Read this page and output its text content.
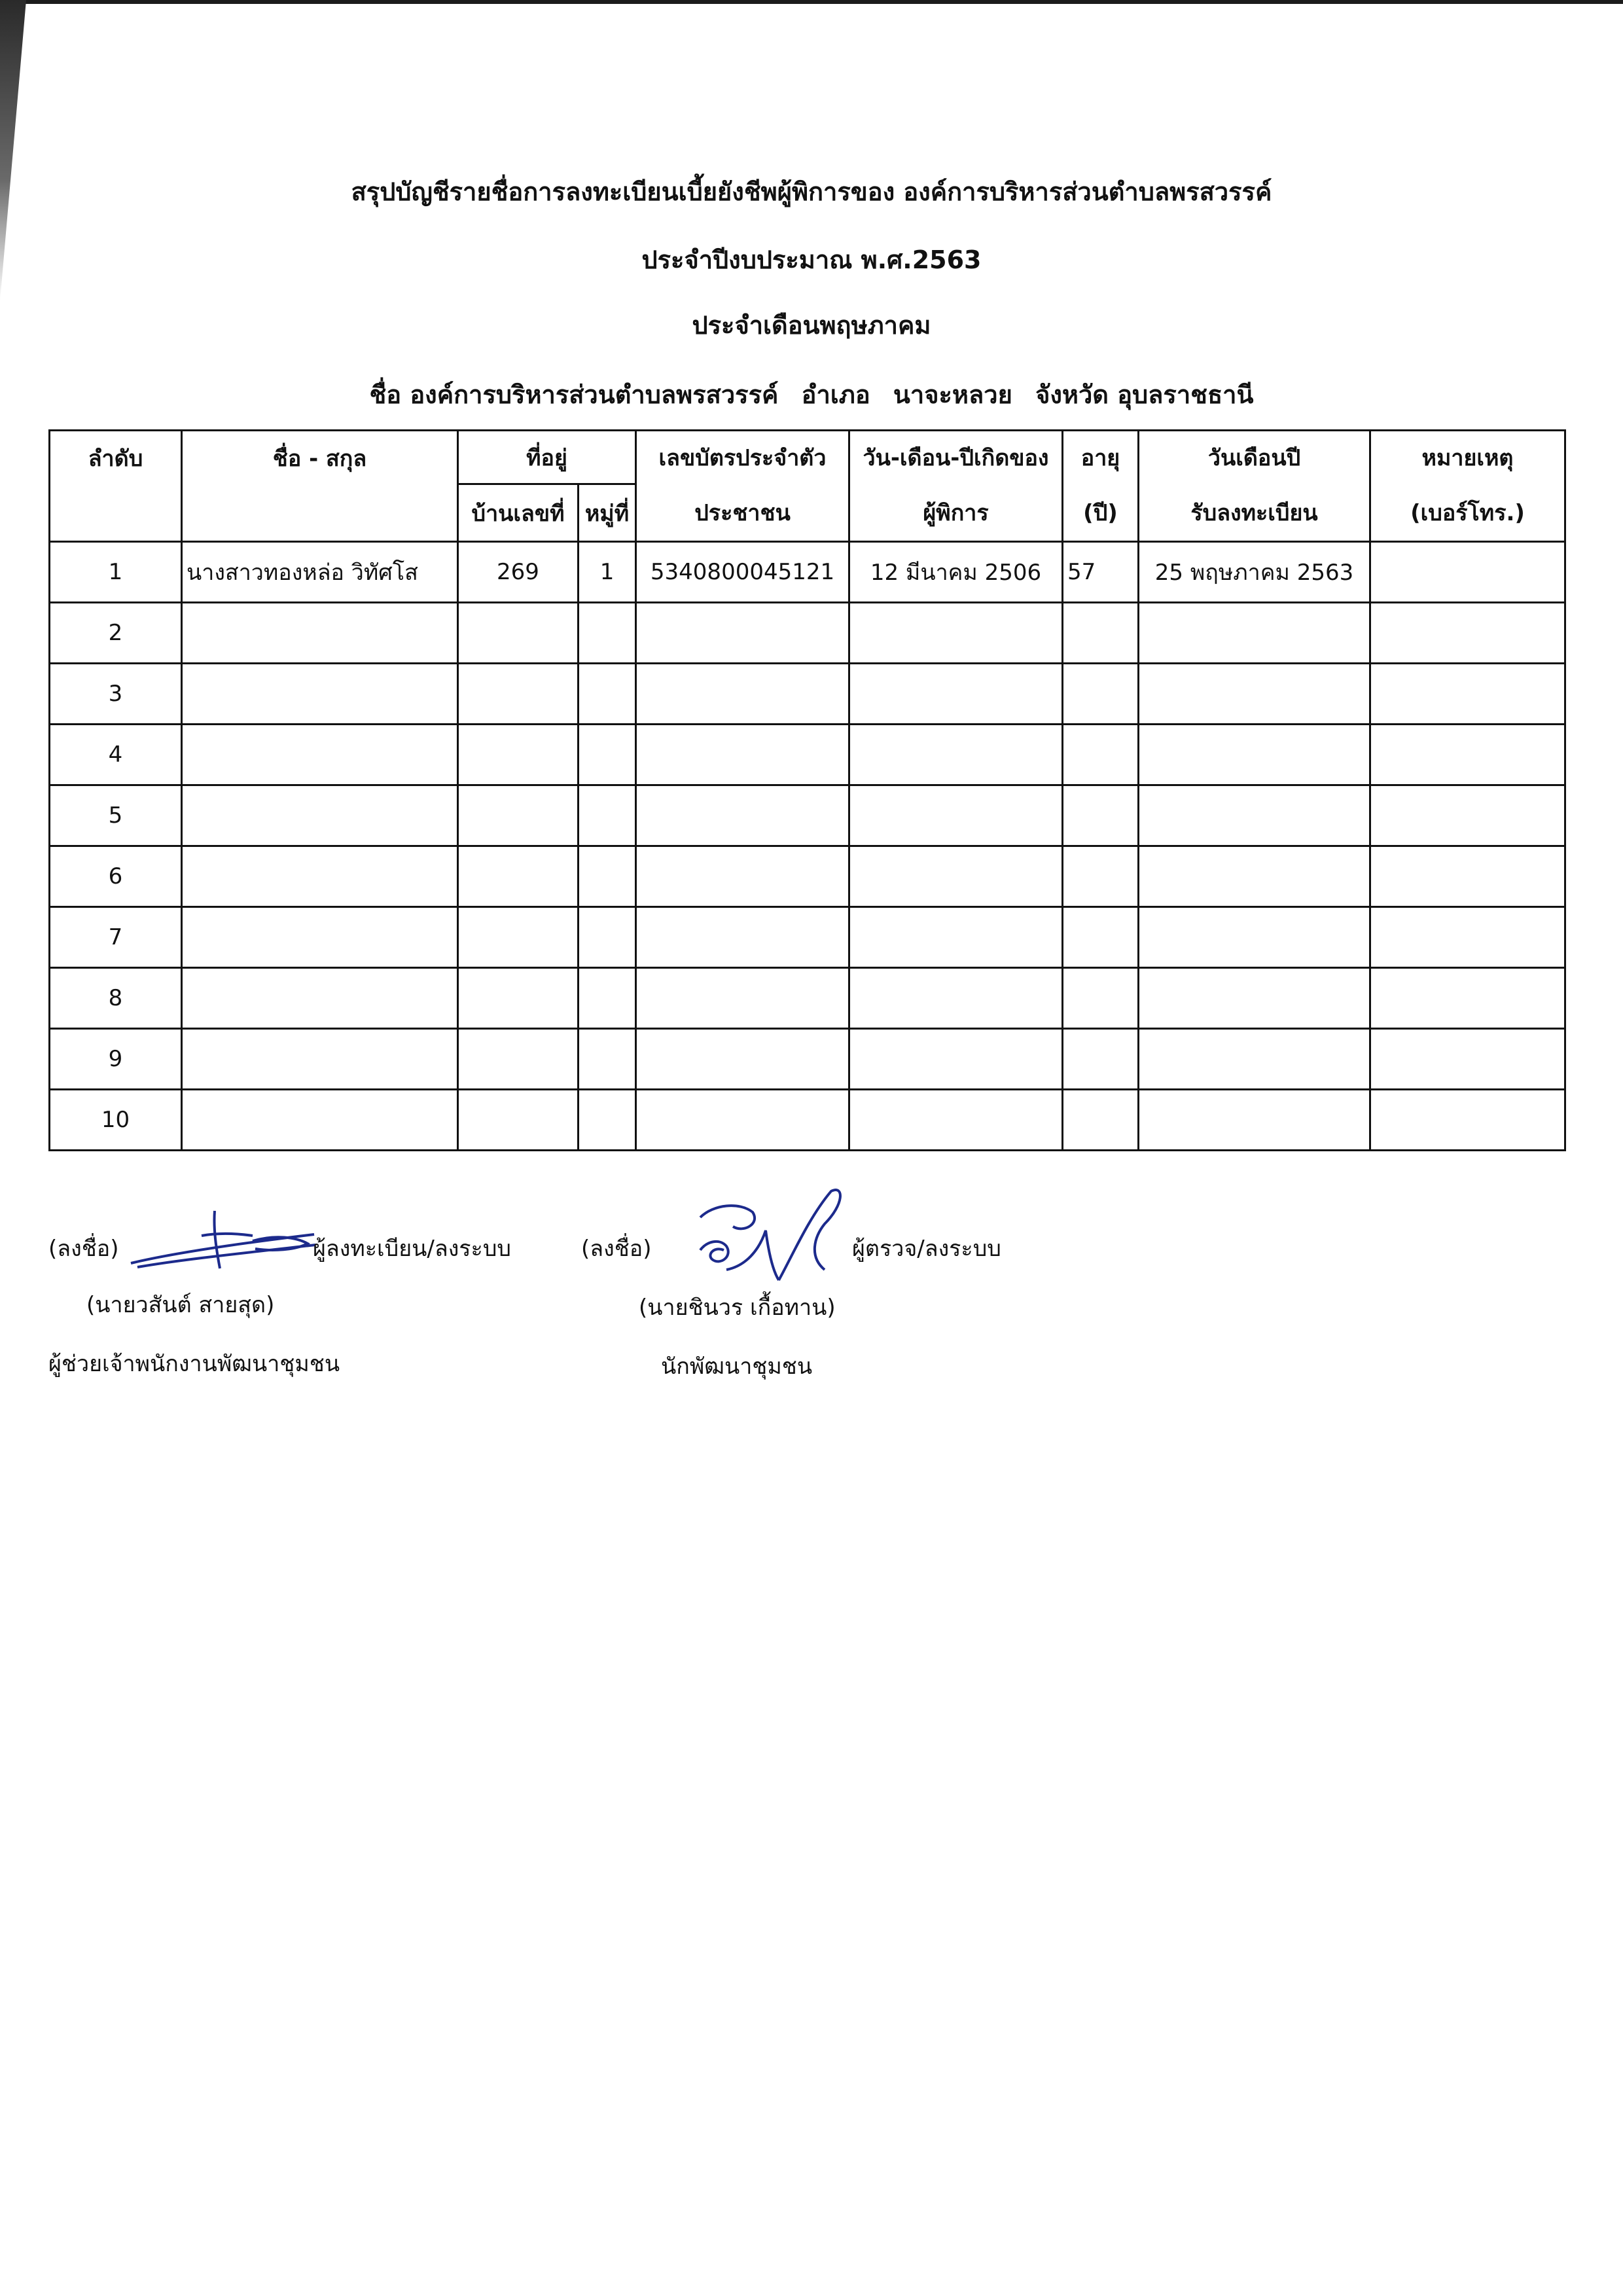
สรุปบัญชีรายชื่อการลงทะเบียนเบี้ยยังชีพผู้พิการของ องค์การบริหารส่วนตำบลพรสวรรค์
ประจำปีงบประมาณ พ.ศ.2563
ประจำเดือนพฤษภาคม
ชื่อ องค์การบริหารส่วนตำบลพรสวรรค์ อำเภอ นาจะหลวย จังหวัด อุบลราชธานี
ลำดับ	ชื่อ - สกุล	ที่อยู่		เลขบัตรประจำตัว	วัน-เดือน-ปีเกิดของ	อายุ	วันเดือนปี	หมายเหตุ
		บ้านเลขที่	หมู่ที่	ประชาชน	ผู้พิการ	(ปี)	รับลงทะเบียน	(เบอร์โทร.)
1	นางสาวทองหล่อ วิทัศโส	269	1	5340800045121	12 มีนาคม 2506	57	25 พฤษภาคม 2563	
2								
3								
4								
5								
6								
7								
8								
9								
10								
(ลงชื่อ)	ผู้ลงทะเบียน/ลงระบบ
(นายวสันต์ สายสุด)
ผู้ช่วยเจ้าพนักงานพัฒนาชุมชน
(ลงชื่อ)	ผู้ตรวจ/ลงระบบ
(นายชินวร เกื้อทาน)
นักพัฒนาชุมชน
